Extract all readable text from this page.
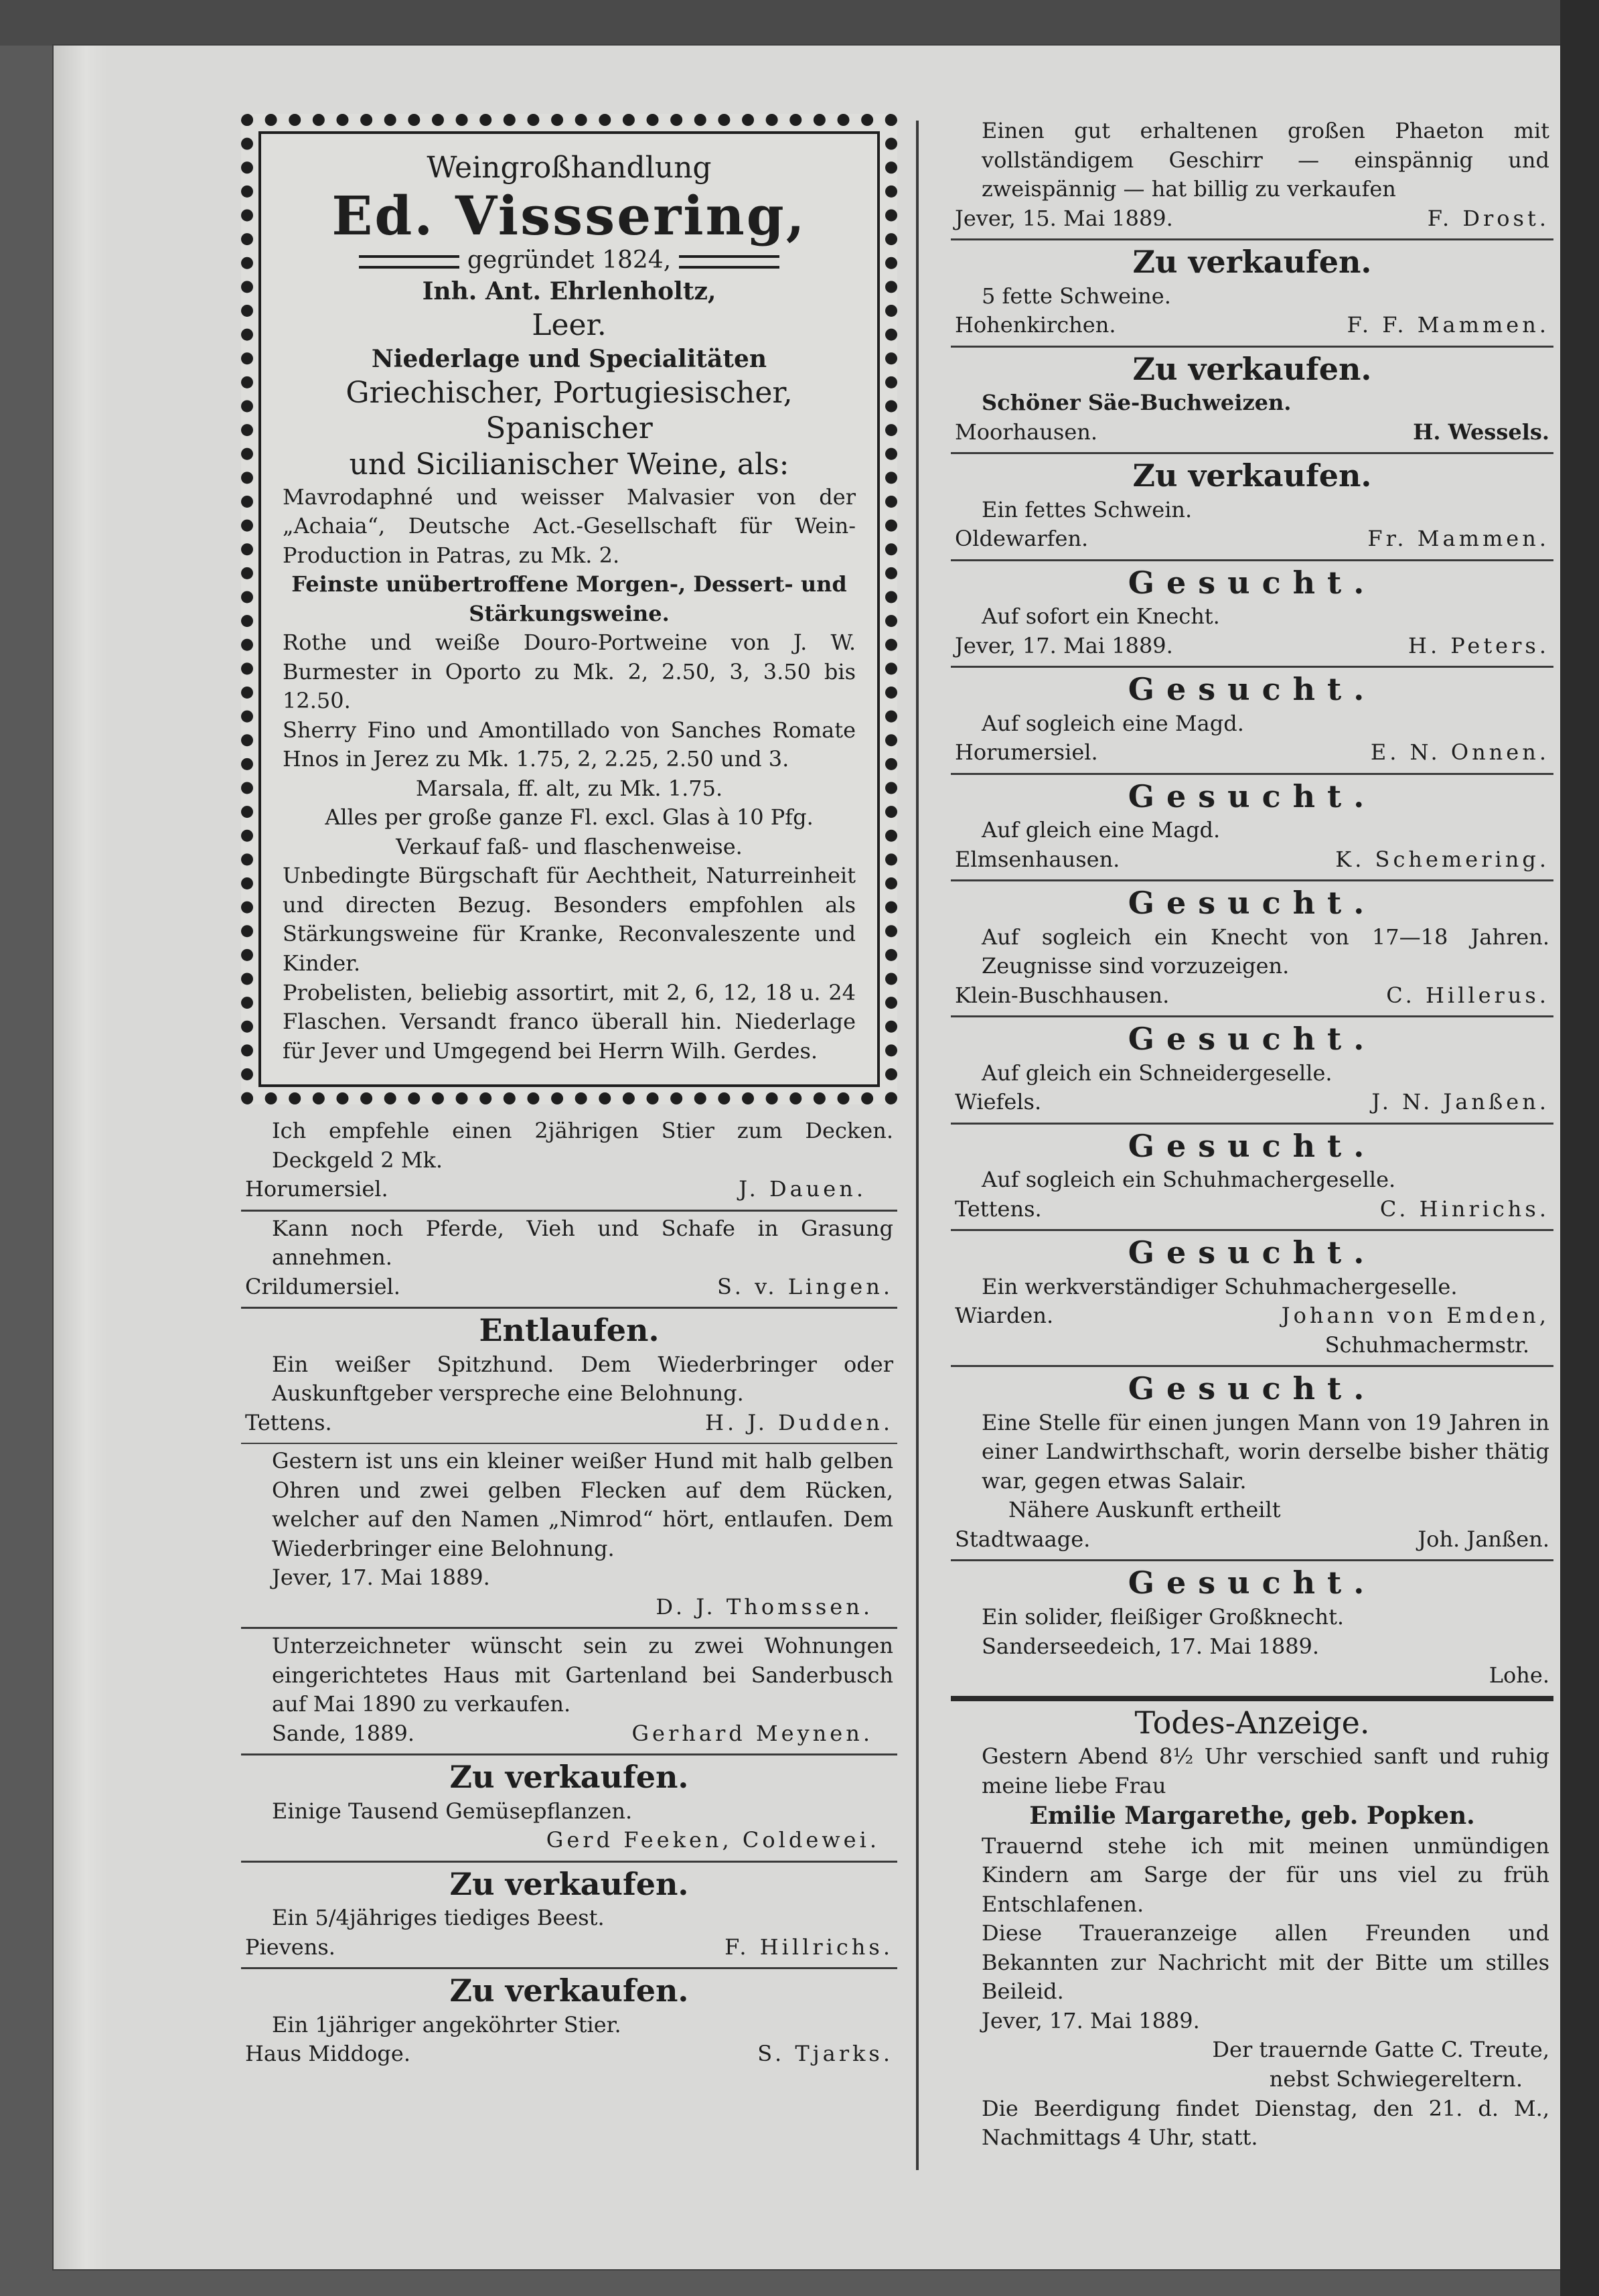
Weingroßhandlung
Ed. Visssering,
gegründet 1824,
Inh. Ant. Ehrlenholtz,
Leer.
Niederlage und Specialitäten
Griechischer, Portugiesischer, Spanischer
und Sicilianischer Weine, als:
Mavrodaphné und weisser Malvasier von der „Achaia“, Deutsche Act.-Gesellschaft für Wein-Production in Patras, zu Mk. 2.
Feinste unübertroffene Morgen-, Dessert- und Stärkungsweine.
Rothe und weiße Douro-Portweine von J. W. Burmester in Oporto zu Mk. 2, 2.50, 3, 3.50 bis 12.50.
Sherry Fino und Amontillado von Sanches Romate Hnos in Jerez zu Mk. 1.75, 2, 2.25, 2.50 und 3.
Marsala, ff. alt, zu Mk. 1.75.
Alles per große ganze Fl. excl. Glas à 10 Pfg.
Verkauf faß- und flaschenweise.
Unbedingte Bürgschaft für Aechtheit, Naturreinheit und directen Bezug. Besonders empfohlen als Stärkungsweine für Kranke, Reconvaleszente und Kinder.
Probelisten, beliebig assortirt, mit 2, 6, 12, 18 u. 24 Flaschen. Versandt franco überall hin. Niederlage für Jever und Umgegend bei Herrn Wilh. Gerdes.
Ich empfehle einen 2jährigen Stier zum Decken. Deckgeld 2 Mk.
Horumersiel.	J. Dauen.
Kann noch Pferde, Vieh und Schafe in Grasung annehmen.
Crildumersiel.	S. v. Lingen.
Entlaufen.
Ein weißer Spitzhund. Dem Wiederbringer oder Auskunftgeber verspreche eine Belohnung.
Tettens.	H. J. Dudden.
Gestern ist uns ein kleiner weißer Hund mit halb gelben Ohren und zwei gelben Flecken auf dem Rücken, welcher auf den Namen „Nimrod“ hört, entlaufen. Dem Wiederbringer eine Belohnung.
Jever, 17. Mai 1889.
D. J. Thomssen.
Unterzeichneter wünscht sein zu zwei Wohnungen eingerichtetes Haus mit Gartenland bei Sanderbusch auf Mai 1890 zu verkaufen.
Sande, 1889.	Gerhard Meynen.
Zu verkaufen.
Einige Tausend Gemüsepflanzen.
Gerd Feeken, Coldewei.
Zu verkaufen.
Ein 5/4jähriges tiediges Beest.
Pievens.	F. Hillrichs.
Zu verkaufen.
Ein 1jähriger angeköhrter Stier.
Haus Middoge.	S. Tjarks.
Einen gut erhaltenen großen Phaeton mit vollständigem Geschirr — einspännig und zweispännig — hat billig zu verkaufen
Jever, 15. Mai 1889.	F. Drost.
Zu verkaufen.
5 fette Schweine.
Hohenkirchen.	F. F. Mammen.
Zu verkaufen.
Schöner Säe-Buchweizen.
Moorhausen.	H. Wessels.
Zu verkaufen.
Ein fettes Schwein.
Oldewarfen.	Fr. Mammen.
Gesucht.
Auf sofort ein Knecht.
Jever, 17. Mai 1889.	H. Peters.
Gesucht.
Auf sogleich eine Magd.
Horumersiel.	E. N. Onnen.
Gesucht.
Auf gleich eine Magd.
Elmsenhausen.	K. Schemering.
Gesucht.
Auf sogleich ein Knecht von 17—18 Jahren. Zeugnisse sind vorzuzeigen.
Klein-Buschhausen.	C. Hillerus.
Gesucht.
Auf gleich ein Schneidergeselle.
Wiefels.	J. N. Janßen.
Gesucht.
Auf sogleich ein Schuhmachergeselle.
Tettens.	C. Hinrichs.
Gesucht.
Ein werkverständiger Schuhmachergeselle.
Wiarden.	Johann von Emden,
Schuhmachermstr.
Gesucht.
Eine Stelle für einen jungen Mann von 19 Jahren in einer Landwirthschaft, worin derselbe bisher thätig war, gegen etwas Salair.
Nähere Auskunft ertheilt
Stadtwaage.	Joh. Janßen.
Gesucht.
Ein solider, fleißiger Großknecht.
Sanderseedeich, 17. Mai 1889.
Lohe.
Todes-Anzeige.
Gestern Abend 8½ Uhr verschied sanft und ruhig meine liebe Frau
Emilie Margarethe, geb. Popken.
Trauernd stehe ich mit meinen unmündigen Kindern am Sarge der für uns viel zu früh Entschlafenen.
Diese Traueranzeige allen Freunden und Bekannten zur Nachricht mit der Bitte um stilles Beileid.
Jever, 17. Mai 1889.
Der trauernde Gatte C. Treute,
nebst Schwiegereltern.
Die Beerdigung findet Dienstag, den 21. d. M., Nachmittags 4 Uhr, statt.
